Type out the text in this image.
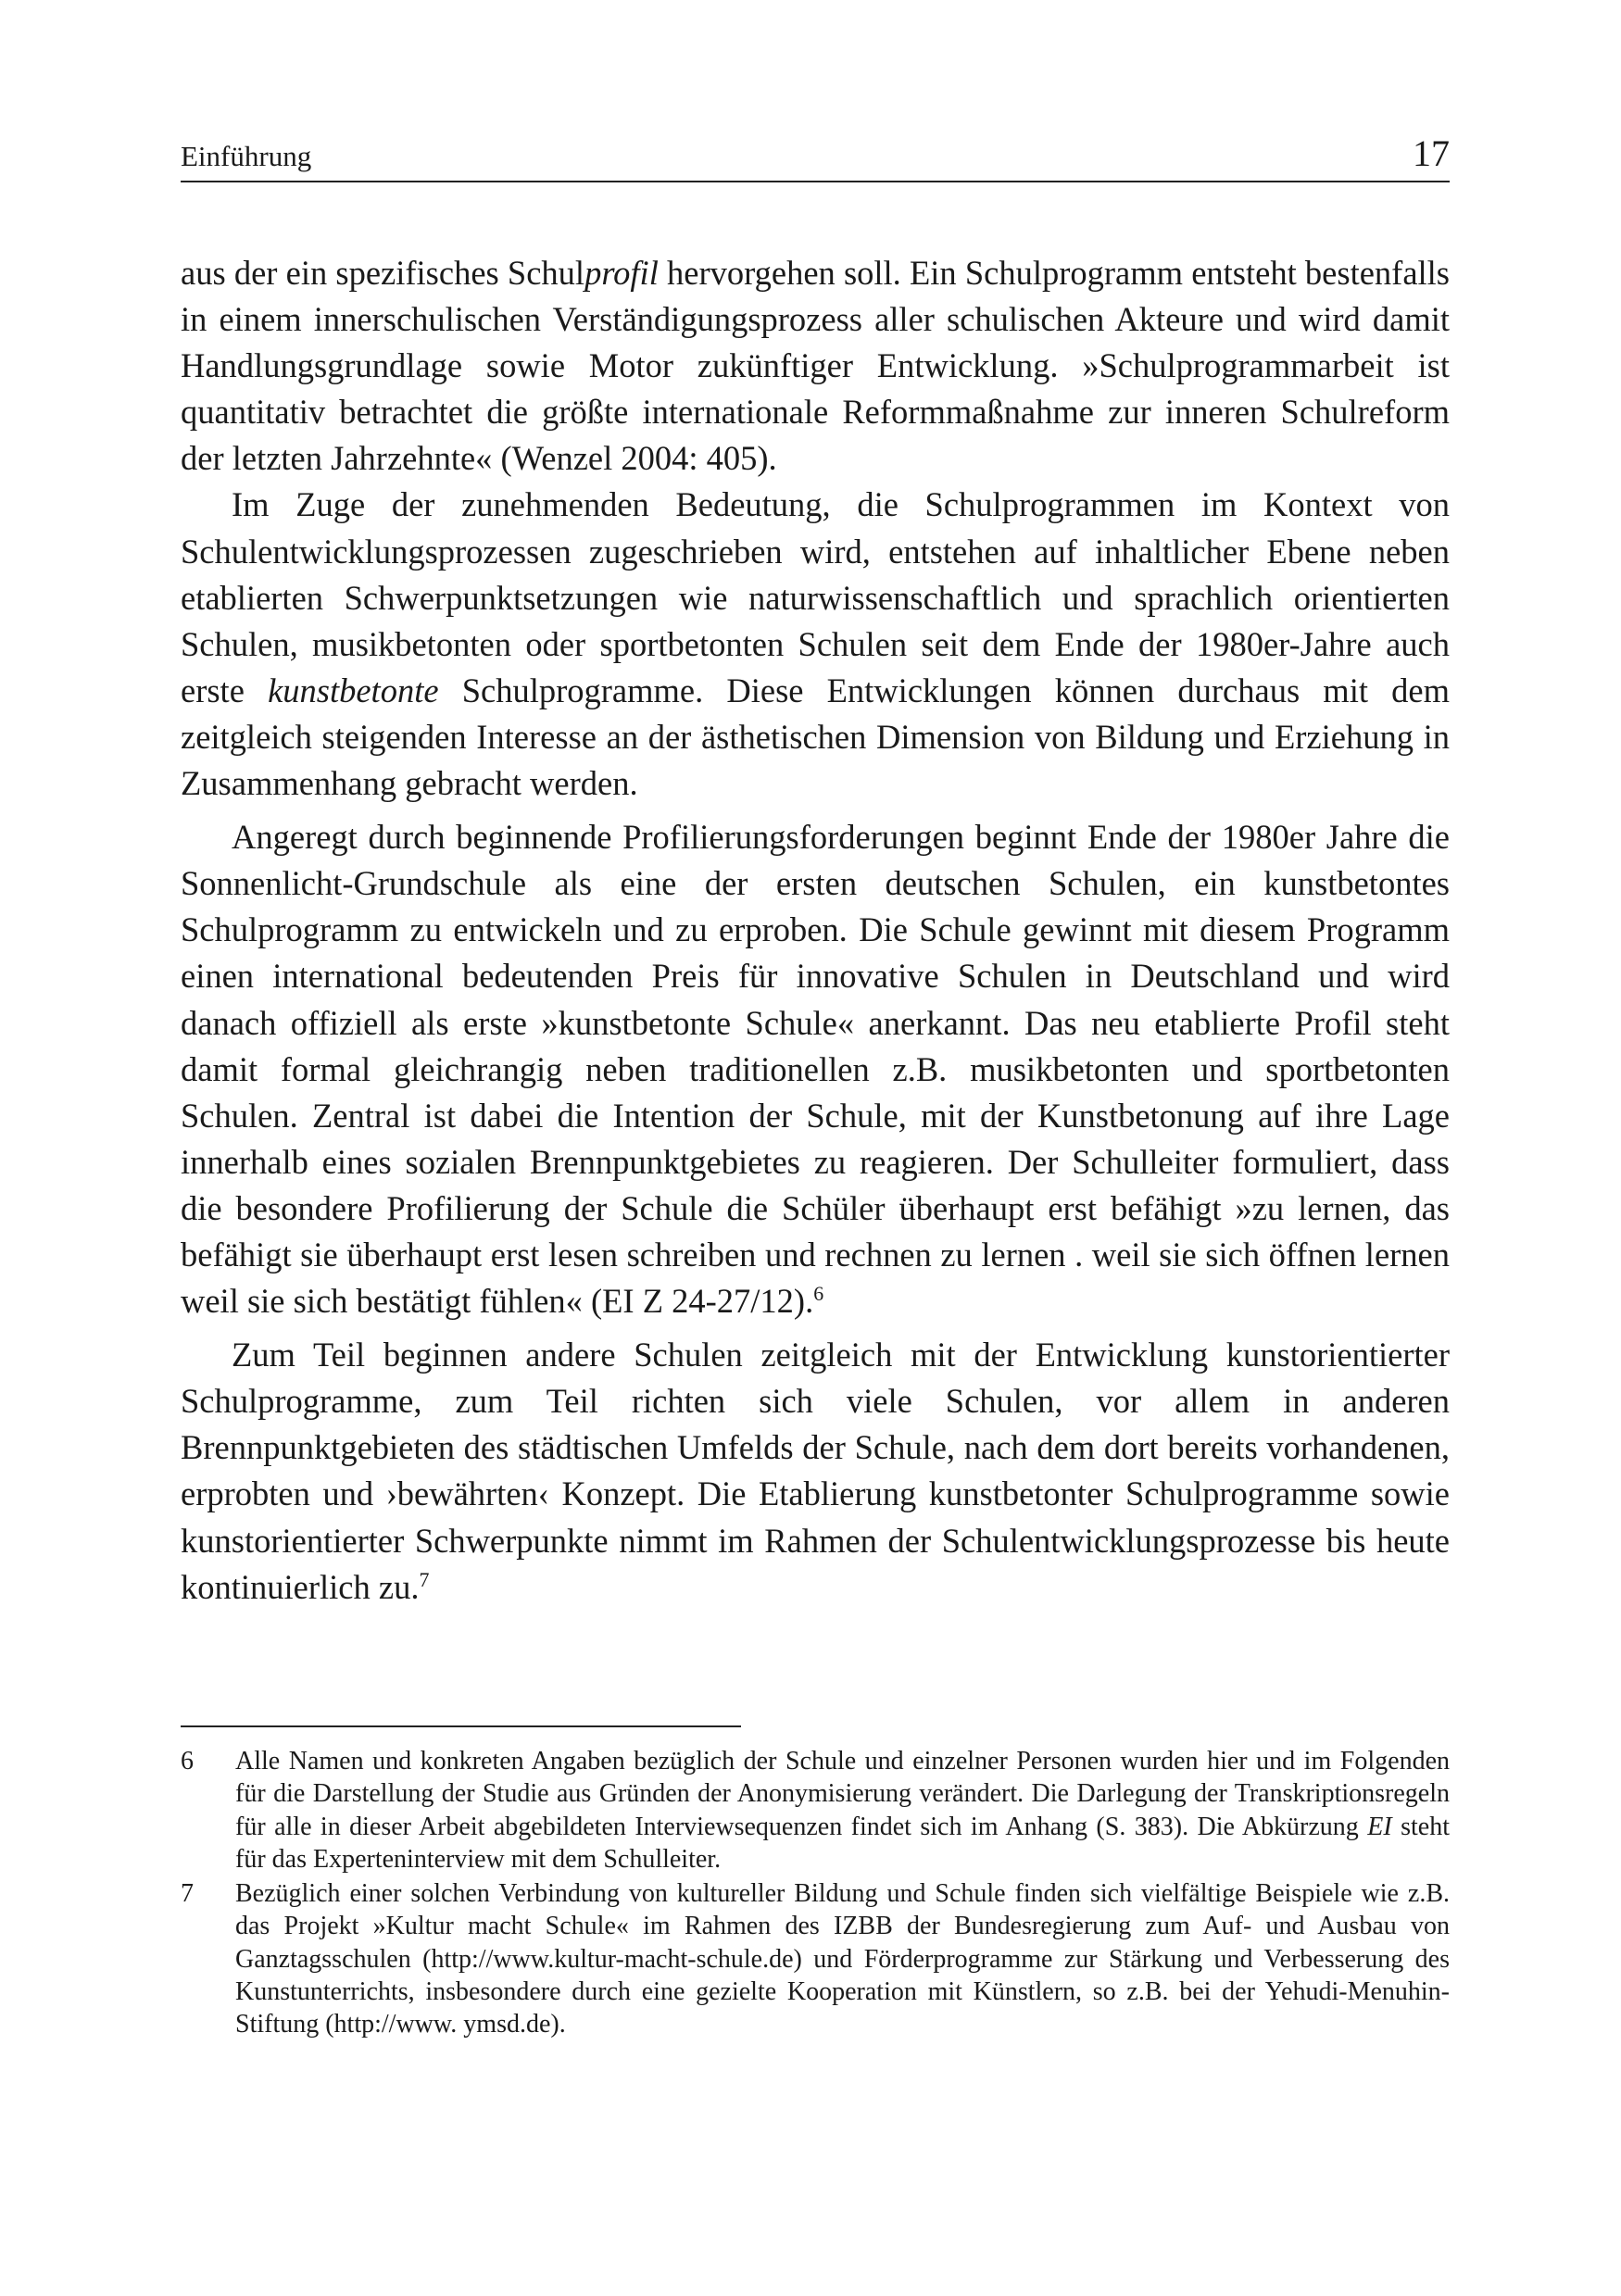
Einführung	17

aus der ein spezifisches Schulprofil hervorgehen soll. Ein Schulprogramm entsteht bestenfalls in einem innerschulischen Verständigungsprozess aller schulischen Akteure und wird damit Handlungsgrundlage sowie Motor zukünftiger Entwicklung. »Schulprogrammarbeit ist quantitativ betrachtet die größte internationale Reformmaßnahme zur inneren Schulreform der letzten Jahrzehnte« (Wenzel 2004: 405).

Im Zuge der zunehmenden Bedeutung, die Schulprogrammen im Kontext von Schulentwicklungsprozessen zugeschrieben wird, entstehen auf inhaltlicher Ebene neben etablierten Schwerpunktsetzungen wie naturwissenschaftlich und sprachlich orientierten Schulen, musikbetonten oder sportbetonten Schulen seit dem Ende der 1980er-Jahre auch erste kunstbetonte Schulprogramme. Diese Entwicklungen können durchaus mit dem zeitgleich steigenden Interesse an der ästhetischen Dimension von Bildung und Erziehung in Zusammenhang gebracht werden.

Angeregt durch beginnende Profilierungsforderungen beginnt Ende der 1980er Jahre die Sonnenlicht-Grundschule als eine der ersten deutschen Schulen, ein kunstbetontes Schulprogramm zu entwickeln und zu erproben. Die Schule gewinnt mit diesem Programm einen international bedeutenden Preis für innovative Schulen in Deutschland und wird danach offiziell als erste »kunstbetonte Schule« anerkannt. Das neu etablierte Profil steht damit formal gleichrangig neben traditionellen z.B. musikbetonten und sportbetonten Schulen. Zentral ist dabei die Intention der Schule, mit der Kunstbetonung auf ihre Lage innerhalb eines sozialen Brennpunktgebietes zu reagieren. Der Schulleiter formuliert, dass die besondere Profilierung der Schule die Schüler überhaupt erst befähigt »zu lernen, das befähigt sie überhaupt erst lesen schreiben und rechnen zu lernen . weil sie sich öffnen lernen weil sie sich bestätigt fühlen« (EI Z 24-27/12).$^6$

Zum Teil beginnen andere Schulen zeitgleich mit der Entwicklung kunstorientierter Schulprogramme, zum Teil richten sich viele Schulen, vor allem in anderen Brennpunktgebieten des städtischen Umfelds der Schule, nach dem dort bereits vorhandenen, erprobten und ›bewährten‹ Konzept. Die Etablierung kunstbetonter Schulprogramme sowie kunstorientierter Schwerpunkte nimmt im Rahmen der Schulentwicklungsprozesse bis heute kontinuierlich zu.$^7$

6	Alle Namen und konkreten Angaben bezüglich der Schule und einzelner Personen wurden hier und im Folgenden für die Darstellung der Studie aus Gründen der Anonymisierung verändert. Die Darlegung der Transkriptionsregeln für alle in dieser Arbeit abgebildeten Interviewsequenzen findet sich im Anhang (S. 383). Die Abkürzung EI steht für das Experteninterview mit dem Schulleiter.
7	Bezüglich einer solchen Verbindung von kultureller Bildung und Schule finden sich vielfältige Beispiele wie z.B. das Projekt »Kultur macht Schule« im Rahmen des IZBB der Bundesregierung zum Auf- und Ausbau von Ganztagsschulen (http://www.kultur-macht-schule.de) und Förderprogramme zur Stärkung und Verbesserung des Kunstunterrichts, insbesondere durch eine gezielte Kooperation mit Künstlern, so z.B. bei der Yehudi-Menuhin-Stiftung (http://www. ymsd.de).
